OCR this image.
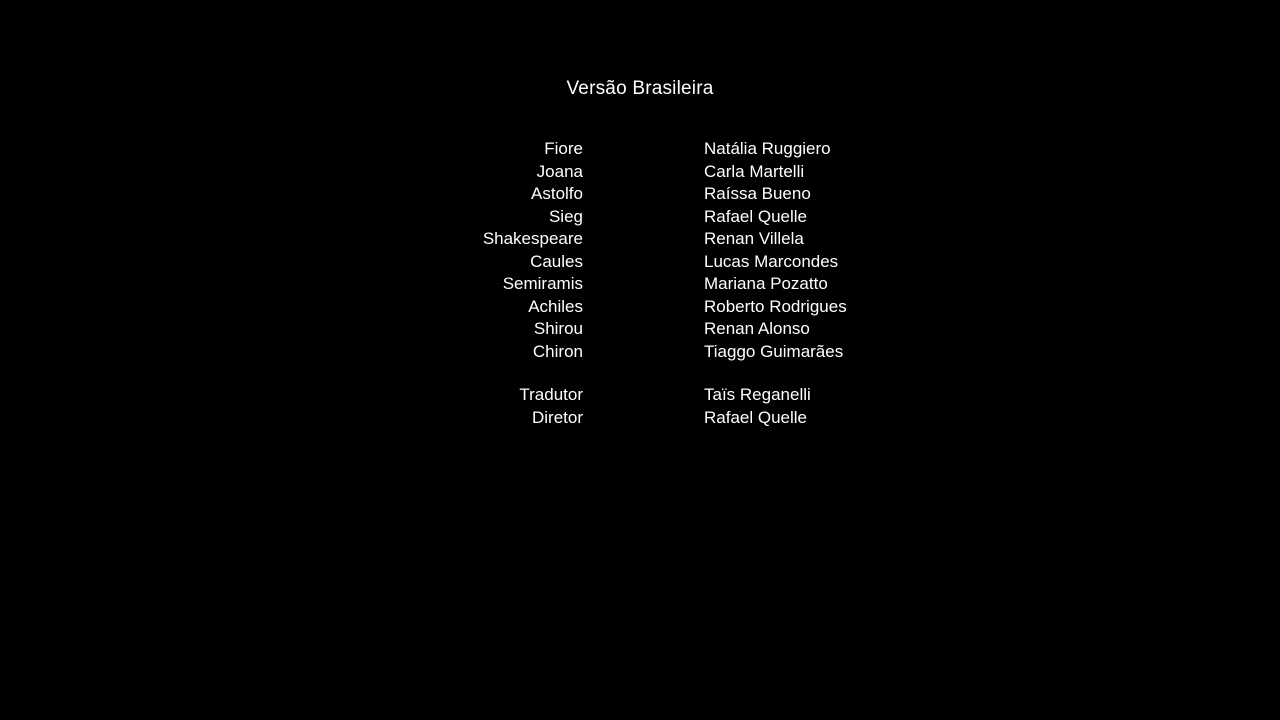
Versão Brasileira
Fiore	Natália Ruggiero
Joana	Carla Martelli
Astolfo	Raíssa Bueno
Sieg	Rafael Quelle
Shakespeare	Renan Villela
Caules	Lucas Marcondes
Semiramis	Mariana Pozatto
Achiles	Roberto Rodrigues
Shirou	Renan Alonso
Chiron	Tiaggo Guimarães
Tradutor	Taïs Reganelli
Diretor	Rafael Quelle
